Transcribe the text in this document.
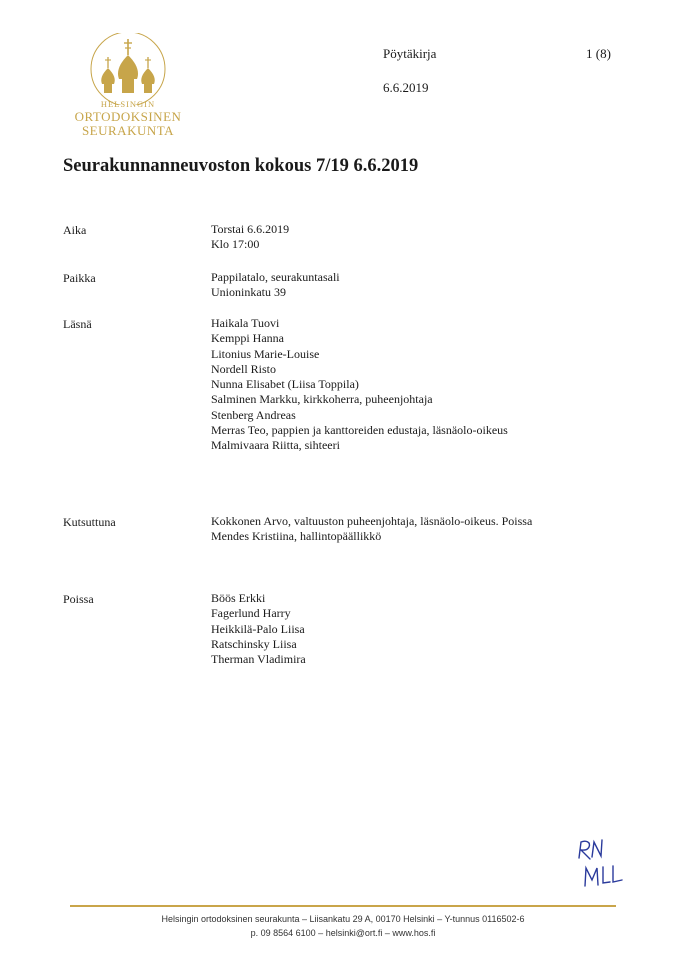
HELSINGIN
ORTODOKSINEN
SEURAKUNTA
Pöytäkirja	1 (8)
6.6.2019
Seurakunnanneuvoston kokous 7/19 6.6.2019
Aika	Torstai 6.6.2019
Klo 17:00
Paikka	Pappilatalo, seurakuntasali
Unioninkatu 39
Läsnä	Haikala Tuovi
Kemppi Hanna
Litonius Marie-Louise
Nordell Risto
Nunna Elisabet (Liisa Toppila)
Salminen Markku, kirkkoherra, puheenjohtaja
Stenberg Andreas
Merras Teo, pappien ja kanttoreiden edustaja, läsnäolo-oikeus
Malmivaara Riitta, sihteeri
Kutsuttuna	Kokkonen Arvo, valtuuston puheenjohtaja, läsnäolo-oikeus. Poissa
Mendes Kristiina, hallintopäällikkö
Poissa	Böös Erkki
Fagerlund Harry
Heikkilä-Palo Liisa
Ratschinsky Liisa
Therman Vladimira
Helsingin ortodoksinen seurakunta – Liisankatu 29 A, 00170 Helsinki – Y-tunnus 0116502-6
p. 09 8564 6100 – helsinki@ort.fi – www.hos.fi
